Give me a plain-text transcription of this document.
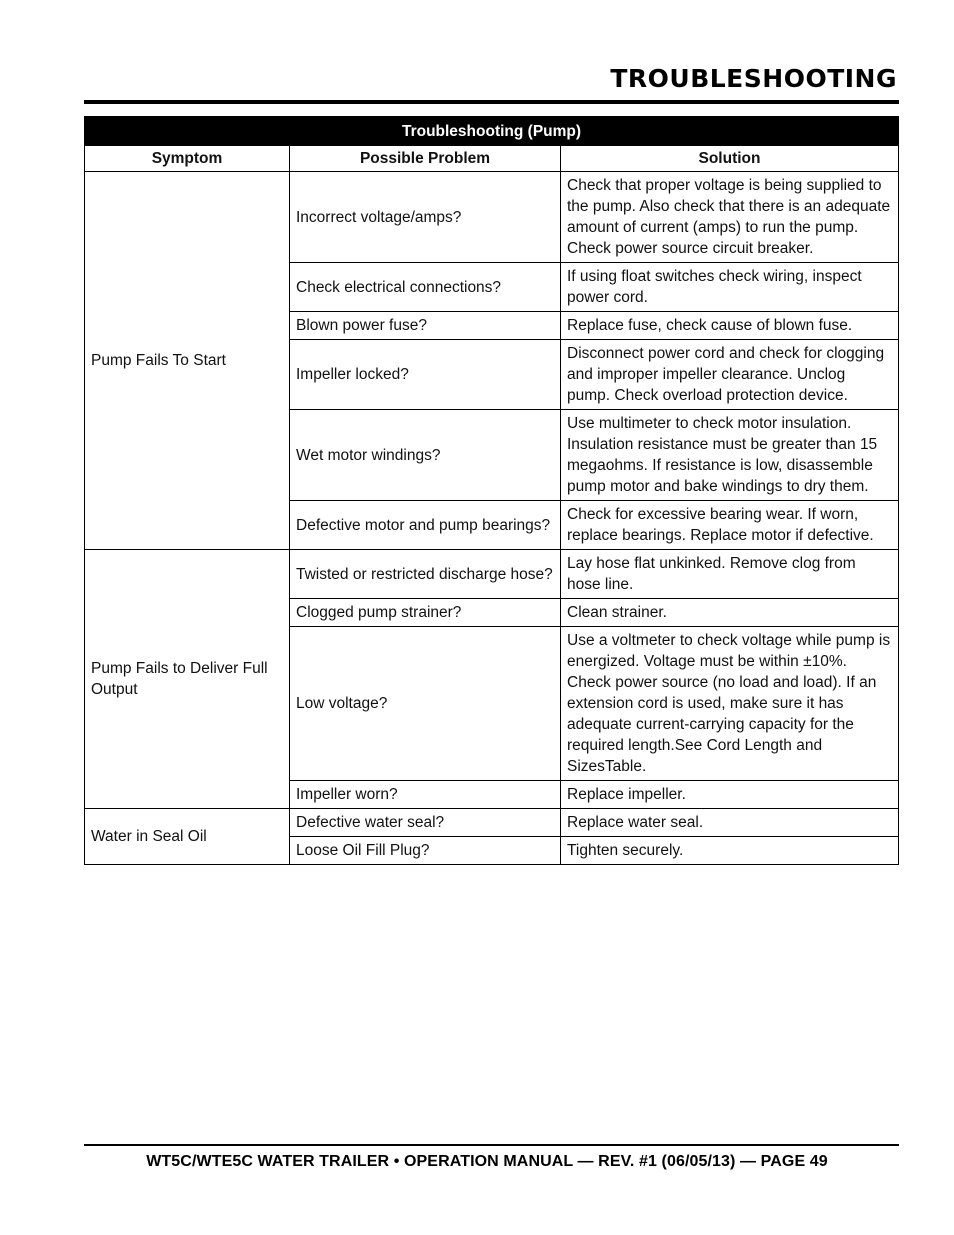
TROUBLESHOOTING
Troubleshooting (Pump)		
Symptom	Possible Problem	Solution
Pump Fails To Start	Incorrect voltage/amps?	Check that proper voltage is being supplied to the pump. Also check that there is an adequate amount of current (amps) to run the pump. Check power source circuit breaker.
	Check electrical connections?	If using float switches check wiring, inspect power cord.
	Blown power fuse?	Replace fuse, check cause of blown fuse.
	Impeller locked?	Disconnect power cord and check for clogging and improper impeller clearance. Unclog pump. Check overload protection device.
	Wet motor windings?	Use multimeter to check motor insulation. Insulation resistance must be greater than 15 megaohms. If resistance is low, disassemble pump motor and bake windings to dry them.
	Defective motor and pump bearings?	Check for excessive bearing wear. If worn, replace bearings. Replace motor if defective.
Pump Fails to Deliver Full Output	Twisted or restricted discharge hose?	Lay hose flat unkinked. Remove clog from hose line.
	Clogged pump strainer?	Clean strainer.
	Low voltage?	Use a voltmeter to check voltage while pump is energized. Voltage must be within ±10%. Check power source (no load and load). If an extension cord is used, make sure it has adequate current-carrying capacity for the required length.See Cord Length and SizesTable.
	Impeller worn?	Replace impeller.
Water in Seal Oil	Defective water seal?	Replace water seal.
	Loose Oil Fill Plug?	Tighten securely.
WT5C/WTE5C WATER TRAILER • OPERATION MANUAL — REV. #1 (06/05/13) — PAGE 49
